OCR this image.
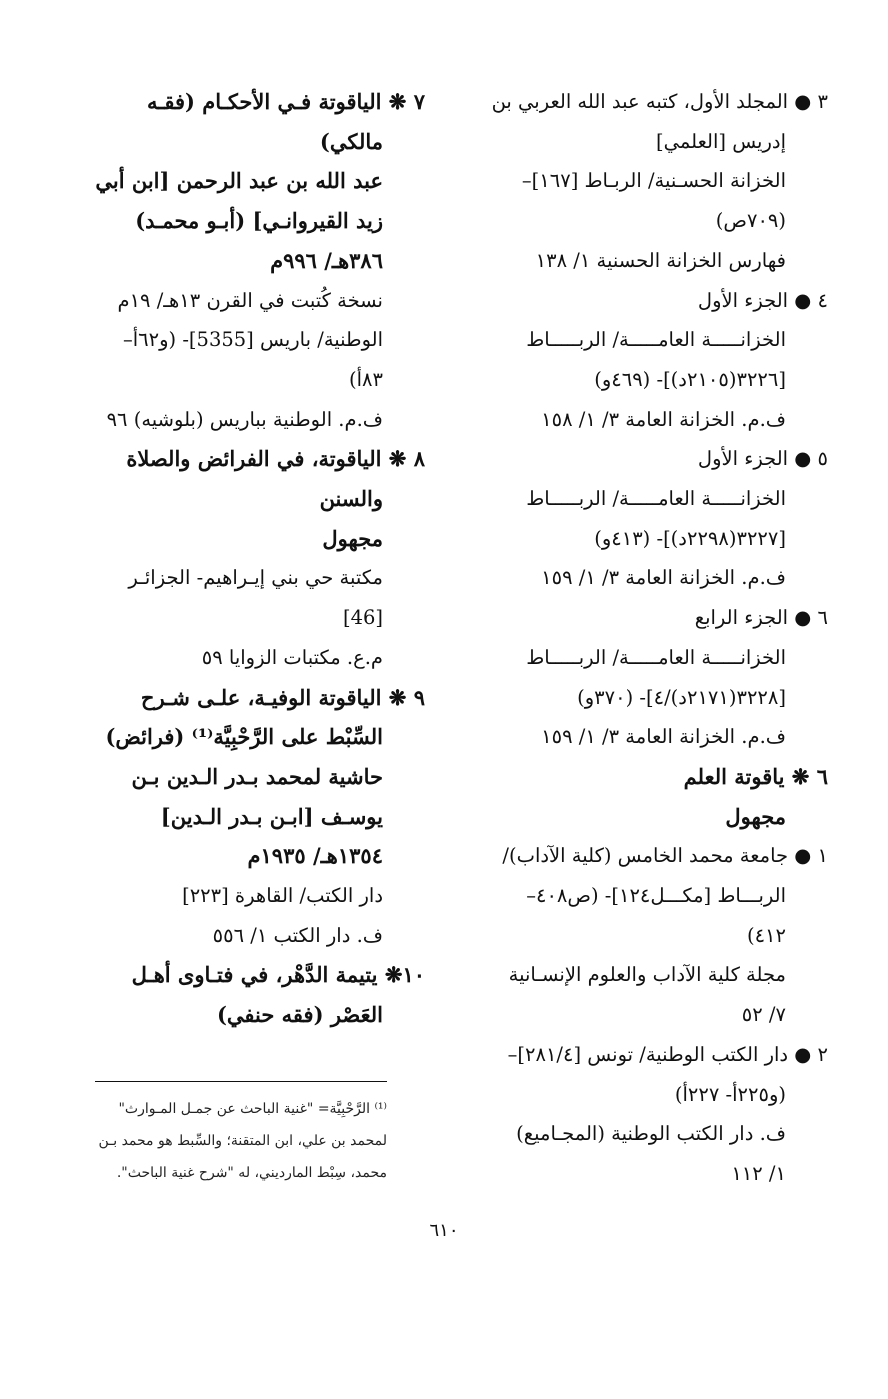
٣ ● المجلد الأول، كتبه عبد الله العربي بن
إدريس [العلمي]
الخزانة الحسـنية/ الربـاط [١٦٧]–
(٧٠٩ص)
فهارس الخزانة الحسنية ١/ ١٣٨
٤ ● الجزء الأول
الخزانـــــة العامـــــة/ الربـــــاط
[٣٢٢٦(٢١٠٥د)]- (٤٦٩و)
ف.م. الخزانة العامة ٣/ ١/ ١٥٨
٥ ● الجزء الأول
الخزانـــــة العامـــــة/ الربـــــاط
[٣٢٢٧(٢٢٩٨د)]- (٤١٣و)
ف.م. الخزانة العامة ٣/ ١/ ١٥٩
٦ ● الجزء الرابع
الخزانـــــة العامـــــة/ الربـــــاط
[٣٢٢٨(٢١٧١د)/٤]- (٣٧٠و)
ف.م. الخزانة العامة ٣/ ١/ ١٥٩
٦ ❋ ياقوتة العلم
مجهول
١ ● جامعة محمد الخامس (كلية الآداب)/
الربـــاط [مكـــل١٢٤]- (ص٤٠٨–
٤١٢)
مجلة كلية الآداب والعلوم الإنسـانية
٧/ ٥٢
٢ ● دار الكتب الوطنية/ تونس [٢٨١/٤]–
(و٢٢٥أ- ٢٢٧أ)
ف. دار الكتب الوطنية (المجـاميع)
١/ ١١٢
٧ ❋ الياقوتة فـي الأحكـام (فقـه
مالكي)
عبد الله بن عبد الرحمن [ابن أبي
زيد القيروانـي] (أبـو محمـد)
٣٨٦هـ/ ٩٩٦م
نسخة كُتبت في القرن ١٣هـ/ ١٩م
الوطنية/ باريس [5355]- (و٦٢أ–
٨٣أ)
ف.م. الوطنية بباريس (بلوشيه) ٩٦
٨ ❋ الياقوتة، في الفرائض والصلاة
والسنن
مجهول
مكتبة حي بني إيـراهيم- الجزائـر
[46]
م.ع. مكتبات الزوايا ٥٩
٩ ❋ الياقوتة الوفيـة، علـى شـرح
السِّبْط على الرَّحْبِيَّة⁽¹⁾ (فرائض)
حاشية لمحمد بـدر الـدين بـن
يوسـف [ابـن بـدر الـدين]
١٣٥٤هـ/ ١٩٣٥م
دار الكتب/ القاهرة [٢٢٣]
ف. دار الكتب ١/ ٥٥٦
١٠❋ يتيمة الدَّهْر، في فتـاوى أهـل
العَصْر (فقه حنفي)
⁽¹⁾ الرَّحْبِيَّة= "غنية الباحث عن جمـل المـوارث"
لمحمد بن علي، ابن المتقنة؛ والسِّبط هو محمد بـن
محمد، سِبْط المارديني، له "شرح غنية الباحث".
٦١٠
